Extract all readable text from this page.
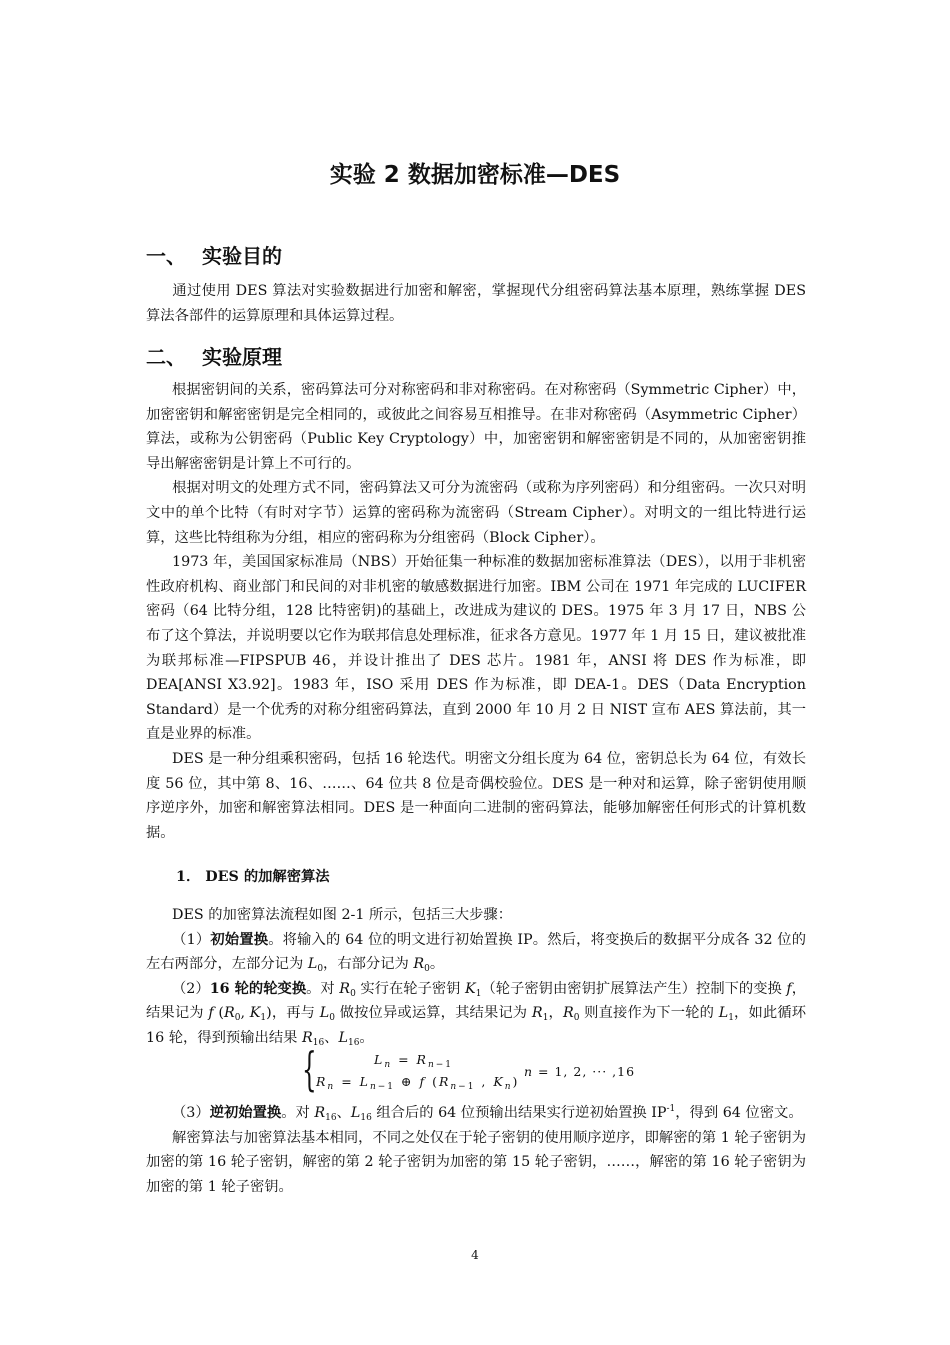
实验 2 数据加密标准—DES
一、 实验目的
通过使用 DES 算法对实验数据进行加密和解密，掌握现代分组密码算法基本原理，熟练掌握 DES 算法各部件的运算原理和具体运算过程。
二、 实验原理
根据密钥间的关系，密码算法可分对称密码和非对称密码。在对称密码（Symmetric Cipher）中，加密密钥和解密密钥是完全相同的，或彼此之间容易互相推导。在非对称密码（Asymmetric Cipher）算法，或称为公钥密码（Public Key Cryptology）中，加密密钥和解密密钥是不同的，从加密密钥推导出解密密钥是计算上不可行的。
根据对明文的处理方式不同，密码算法又可分为流密码（或称为序列密码）和分组密码。一次只对明文中的单个比特（有时对字节）运算的密码称为流密码（Stream Cipher）。对明文的一组比特进行运算，这些比特组称为分组，相应的密码称为分组密码（Block Cipher）。
1973 年，美国国家标准局（NBS）开始征集一种标准的数据加密标准算法（DES），以用于非机密性政府机构、商业部门和民间的对非机密的敏感数据进行加密。IBM 公司在 1971 年完成的 LUCIFER 密码（64 比特分组，128 比特密钥)的基础上，改进成为建议的 DES。1975 年 3 月 17 日，NBS 公布了这个算法，并说明要以它作为联邦信息处理标准，征求各方意见。1977 年 1 月 15 日，建议被批准为联邦标准—FIPSPUB 46，并设计推出了 DES 芯片。1981 年，ANSI 将 DES 作为标准，即 DEA[ANSI X3.92]。1983 年，ISO 采用 DES 作为标准，即 DEA-1。DES（Data Encryption Standard）是一个优秀的对称分组密码算法，直到 2000 年 10 月 2 日 NIST 宣布 AES 算法前，其一直是业界的标准。
DES 是一种分组乘积密码，包括 16 轮迭代。明密文分组长度为 64 位，密钥总长为 64 位，有效长度 56 位，其中第 8、16、……、64 位共 8 位是奇偶校验位。DES 是一种对和运算，除子密钥使用顺序逆序外，加密和解密算法相同。DES 是一种面向二进制的密码算法，能够加解密任何形式的计算机数据。
1． DES 的加解密算法
DES 的加密算法流程如图 2-1 所示，包括三大步骤：
（1）初始置换。将输入的 64 位的明文进行初始置换 IP。然后，将变换后的数据平分成各 32 位的左右两部分，左部分记为 $L_0$，右部分记为 $R_0$。
（2）16 轮的轮变换。对 $R_0$ 实行在轮子密钥 $K_1$（轮子密钥由密钥扩展算法产生）控制下的变换 f，结果记为 f ($R_0$, $K_1$)，再与 $L_0$ 做按位异或运算，其结果记为 $R_1$，$R_0$ 则直接作为下一轮的 $L_1$，如此循环 16 轮，得到预输出结果 $R_{16}$、$L_{16}$。
{	$L_n = R_{n-1}$
$R_n = L_{n-1}$ ⊕ f ($R_{n-1}$ , $K_n$)
n = 1, 2, ··· ,16
（3）逆初始置换。对 $R_{16}$、$L_{16}$ 组合后的 64 位预输出结果实行逆初始置换 $IP^{-1}$，得到 64 位密文。
解密算法与加密算法基本相同，不同之处仅在于轮子密钥的使用顺序逆序，即解密的第 1 轮子密钥为加密的第 16 轮子密钥，解密的第 2 轮子密钥为加密的第 15 轮子密钥，……，解密的第 16 轮子密钥为加密的第 1 轮子密钥。
4
